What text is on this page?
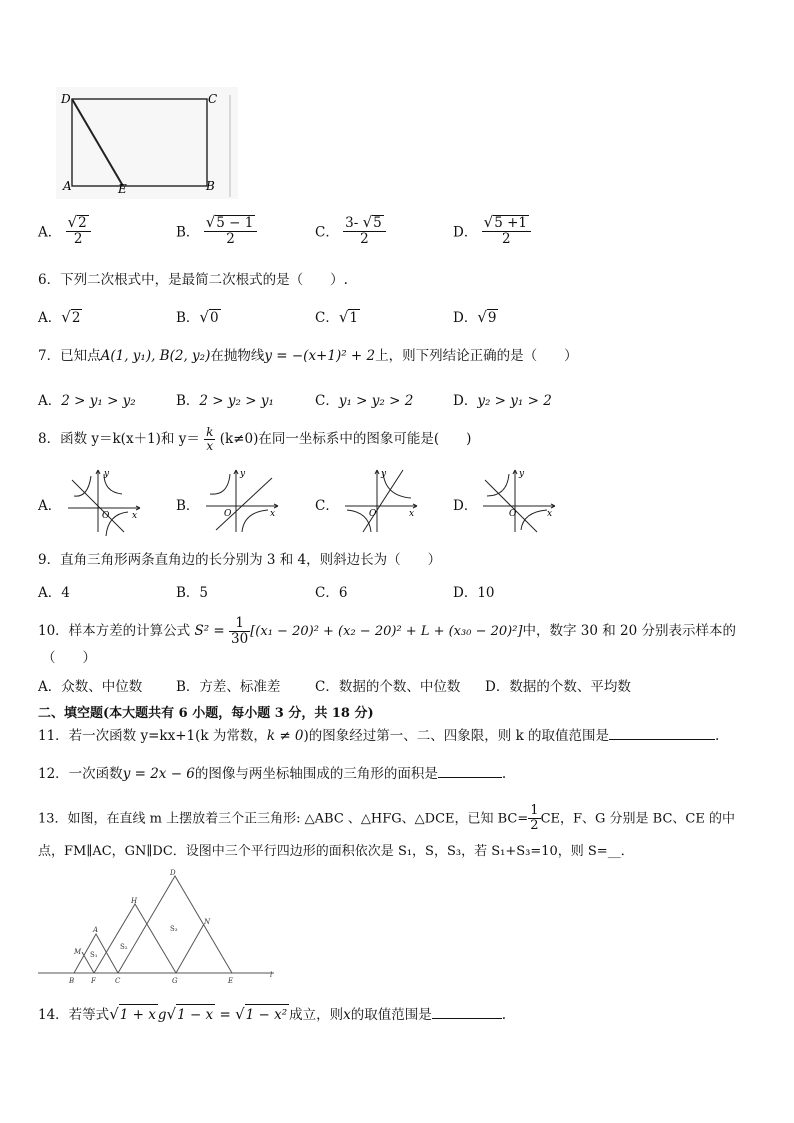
D	C
A	E	B
A． $\frac{√2}{2}$	B． $\frac{√5 - 1}{2}$	C． $\frac{3- √5}{2}$	D． $\frac{√5 +1}{2}$
6．下列二次根式中，是最简二次根式的是（　　）.
A．√2	B．√0	C．√1	D．√9
7．已知点A(1, y₁), B(2, y₂)在抛物线y = −(x+1)² + 2上，则下列结论正确的是（　　）
A．2 > y₁ > y₂	B．2 > y₂ > y₁	C．y₁ > y₂ > 2	D．y₂ > y₁ > 2
8．函数 y＝k(x＋1)和 $y= \frac{k}{x} (k\ne 0)$在同一坐标系中的图象可能是(　　)
A．	B．	C．	D．
y
x
O
y
x
O
y
x
O
y
x
O
9．直角三角形两条直角边的长分别为 3 和 4，则斜边长为（　　）
A．4	B．5	C．6	D．10
10．样本方差的计算公式 $S^2 = \frac{1}{30} [(x_1 - 20)^2 + (x_2 - 20)^2 + L + (x_{30} - 20)^2]$中，数字 30 和 20 分别表示样本的
（　　）
A．众数、中位数	B．方差、标准差	C．数据的个数、中位数 D．数据的个数、平均数
二、填空题(本大题共有 6 小题，每小题 3 分，共 18 分)
11．若一次函数 y=kx+1(k 为常数，k ≠ 0)的图象经过第一、二、四象限，则 k 的取值范围是	.
12．一次函数y = 2x − 6的图像与两坐标轴围成的三角形的面积是	.
13．如图，在直线 m 上摆放着三个正三角形: △ABC 、△HFG、△DCE，已知 $BC= \frac{1}{2}$ CE，F、G 分别是 BC、CE 的中
点，FM∥AC，GN∥DC．设图中三个平行四边形的面积依次是 S₁，S，S₃，若 S₁+S₃=10，则 S=__．
D
H
N
A
M S₁
S₂
S₃
B F	C	G	E
l
14．若等式√1 + x g√1 − x = √1 − x² 成立，则x的取值范围是	.
